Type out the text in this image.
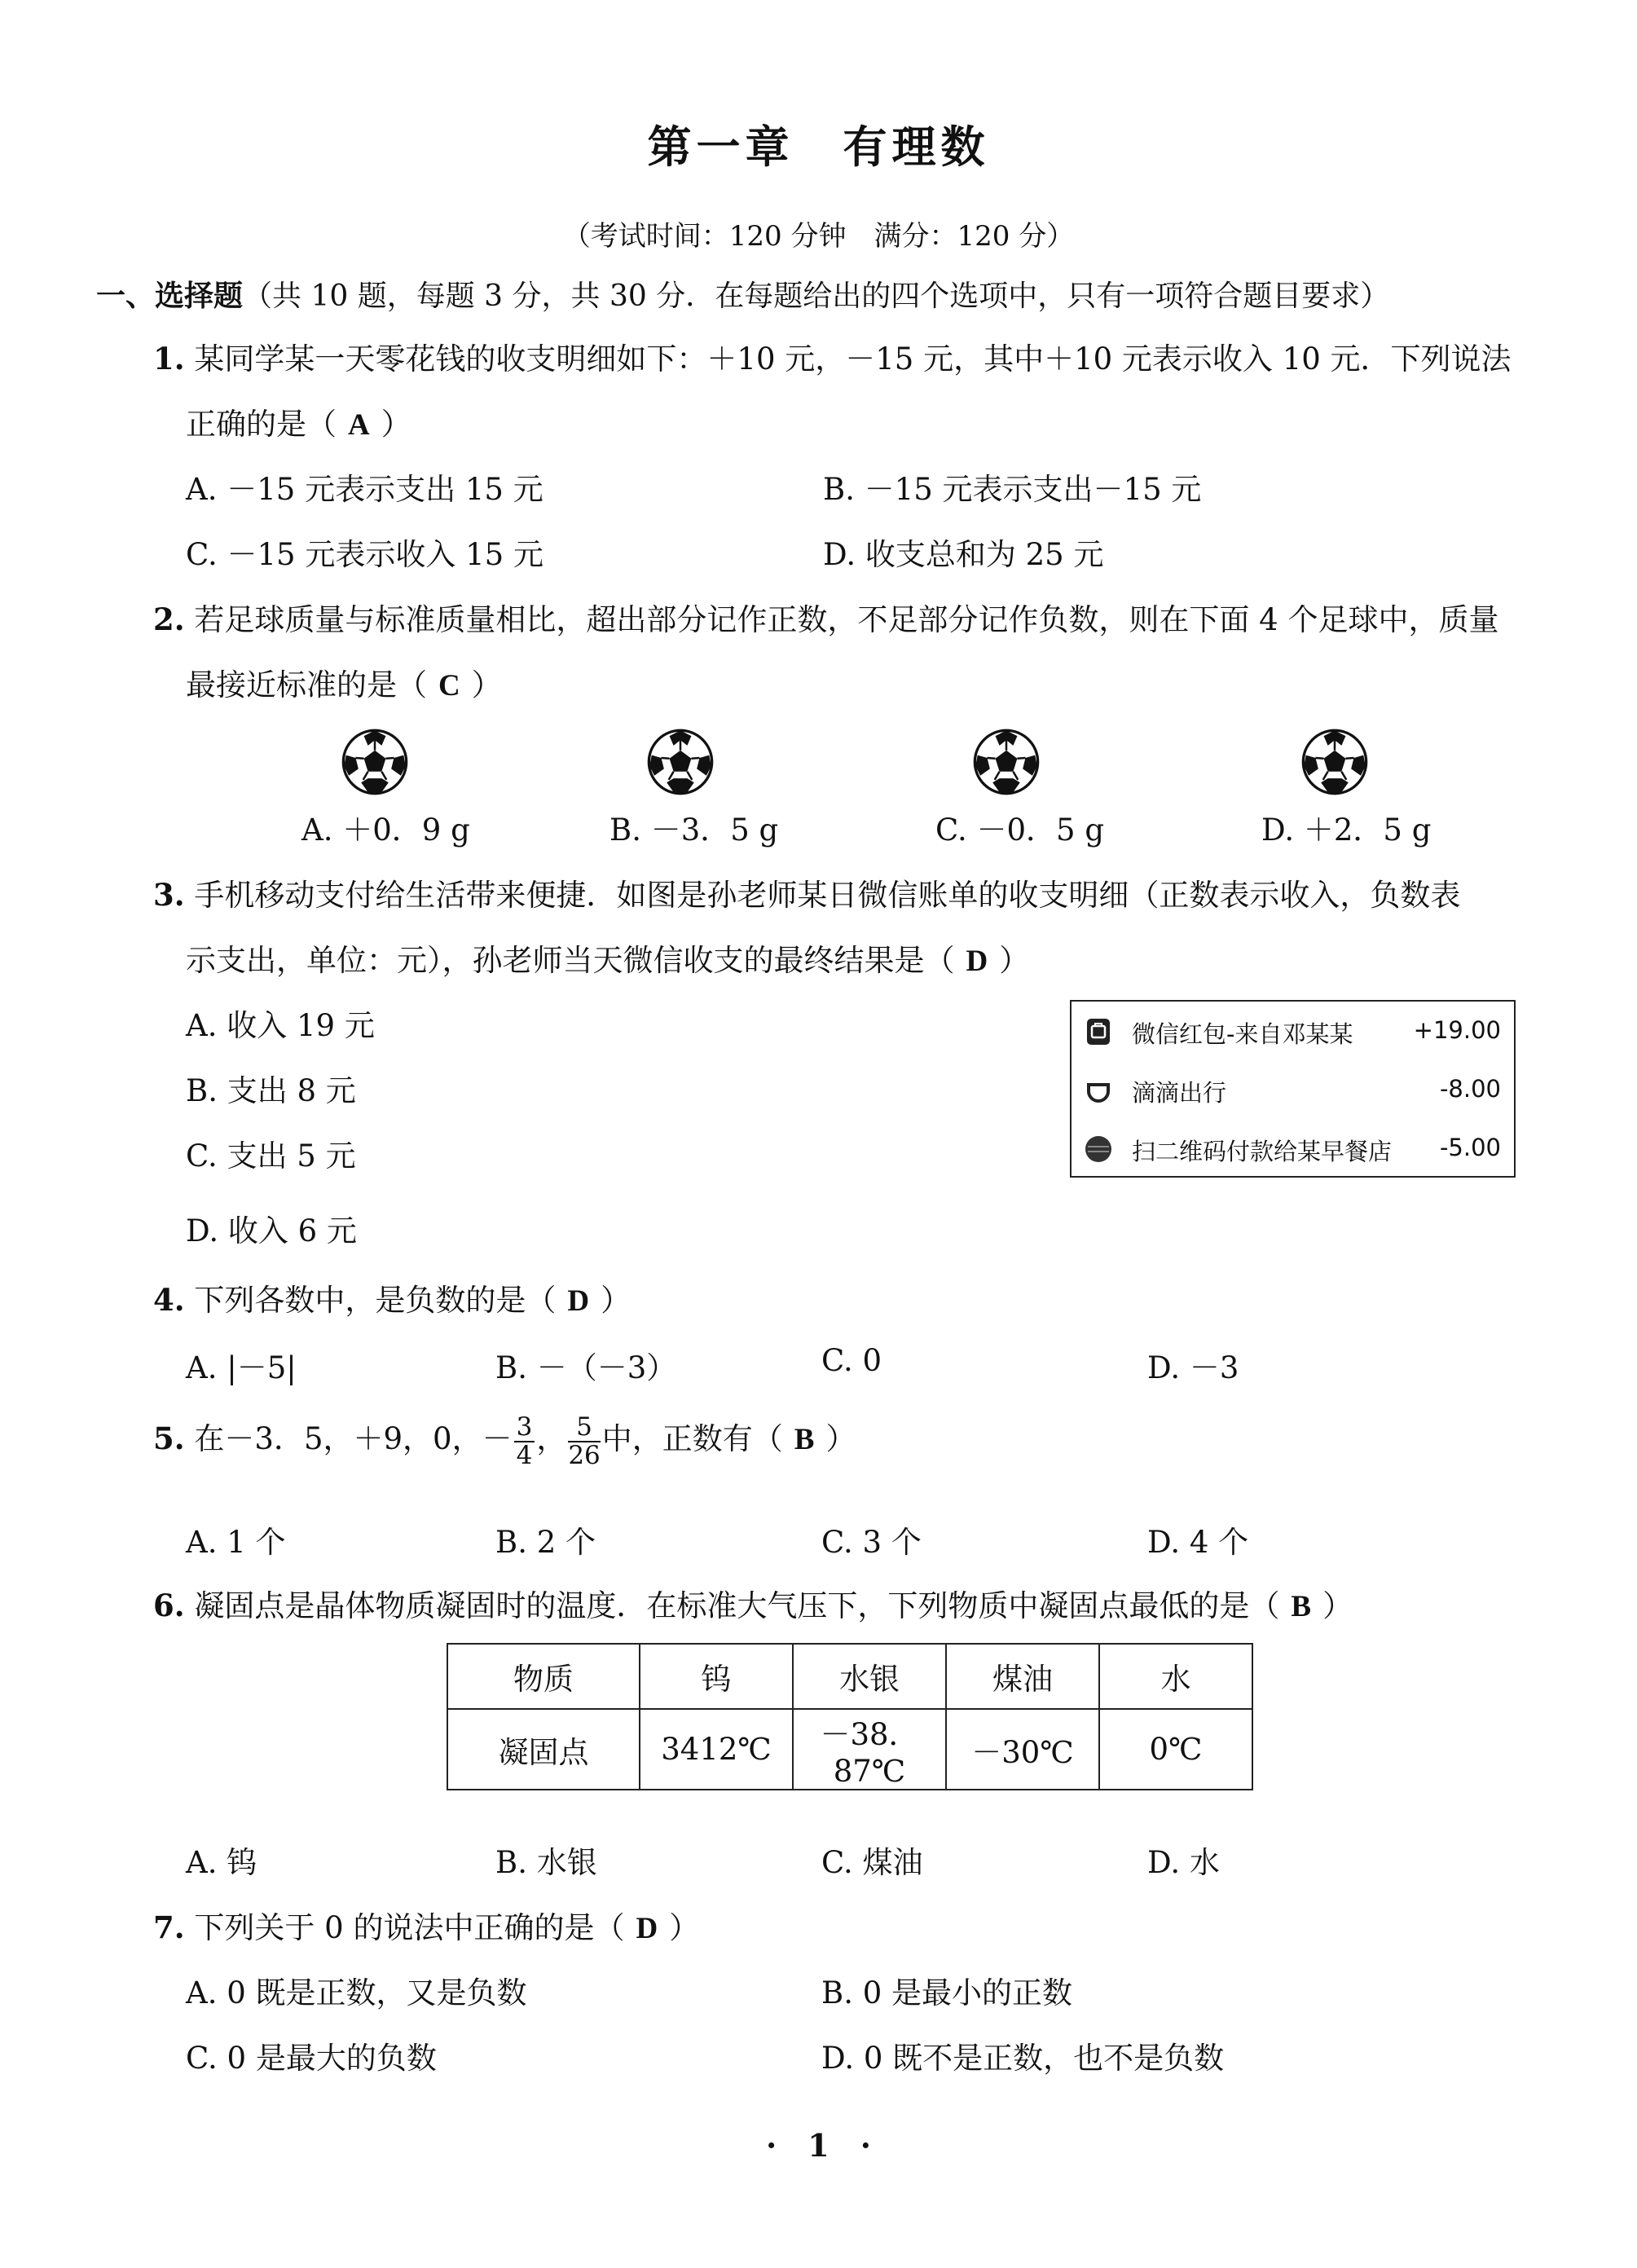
第一章　有理数
（考试时间：120 分钟　满分：120 分）
一、选择题（共 10 题，每题 3 分，共 30 分．在每题给出的四个选项中，只有一项符合题目要求）
1. 某同学某一天零花钱的收支明细如下：＋10 元，－15 元，其中＋10 元表示收入 10 元．下列说法
正确的是（ A ）
A. －15 元表示支出 15 元	B. －15 元表示支出－15 元
C. －15 元表示收入 15 元	D. 收支总和为 25 元
2. 若足球质量与标准质量相比，超出部分记作正数，不足部分记作负数，则在下面 4 个足球中，质量
最接近标准的是（ C ）
A. ＋0．9 g	B. －3．5 g	C. －0．5 g	D. ＋2．5 g
3. 手机移动支付给生活带来便捷．如图是孙老师某日微信账单的收支明细（正数表示收入，负数表
示支出，单位：元），孙老师当天微信收支的最终结果是（ D ）
A. 收入 19 元
B. 支出 8 元
C. 支出 5 元
D. 收入 6 元
微信红包-来自邓某某	+19.00
滴滴出行	-8.00
扫二维码付款给某早餐店 -5.00
4. 下列各数中，是负数的是（ D ）
A. |－5|	B. －（－3）	C. 0	D. －3
5. 在－3．5，＋9，0，－ $\frac{3}{4}$ ， $\frac{5}{26}$ 中，正数有（ B ）
A. 1 个	B. 2 个	C. 3 个	D. 4 个
6. 凝固点是晶体物质凝固时的温度．在标准大气压下，下列物质中凝固点最低的是（ B ）
物质	钨	水银	煤油	水
凝固点	3412℃	－38．87℃	－30℃	0℃
A. 钨	B. 水银	C. 煤油	D. 水
7. 下列关于 0 的说法中正确的是（ D ）
A. 0 既是正数，又是负数	B. 0 是最小的正数
C. 0 是最大的负数	D. 0 既不是正数，也不是负数
·　1　·
